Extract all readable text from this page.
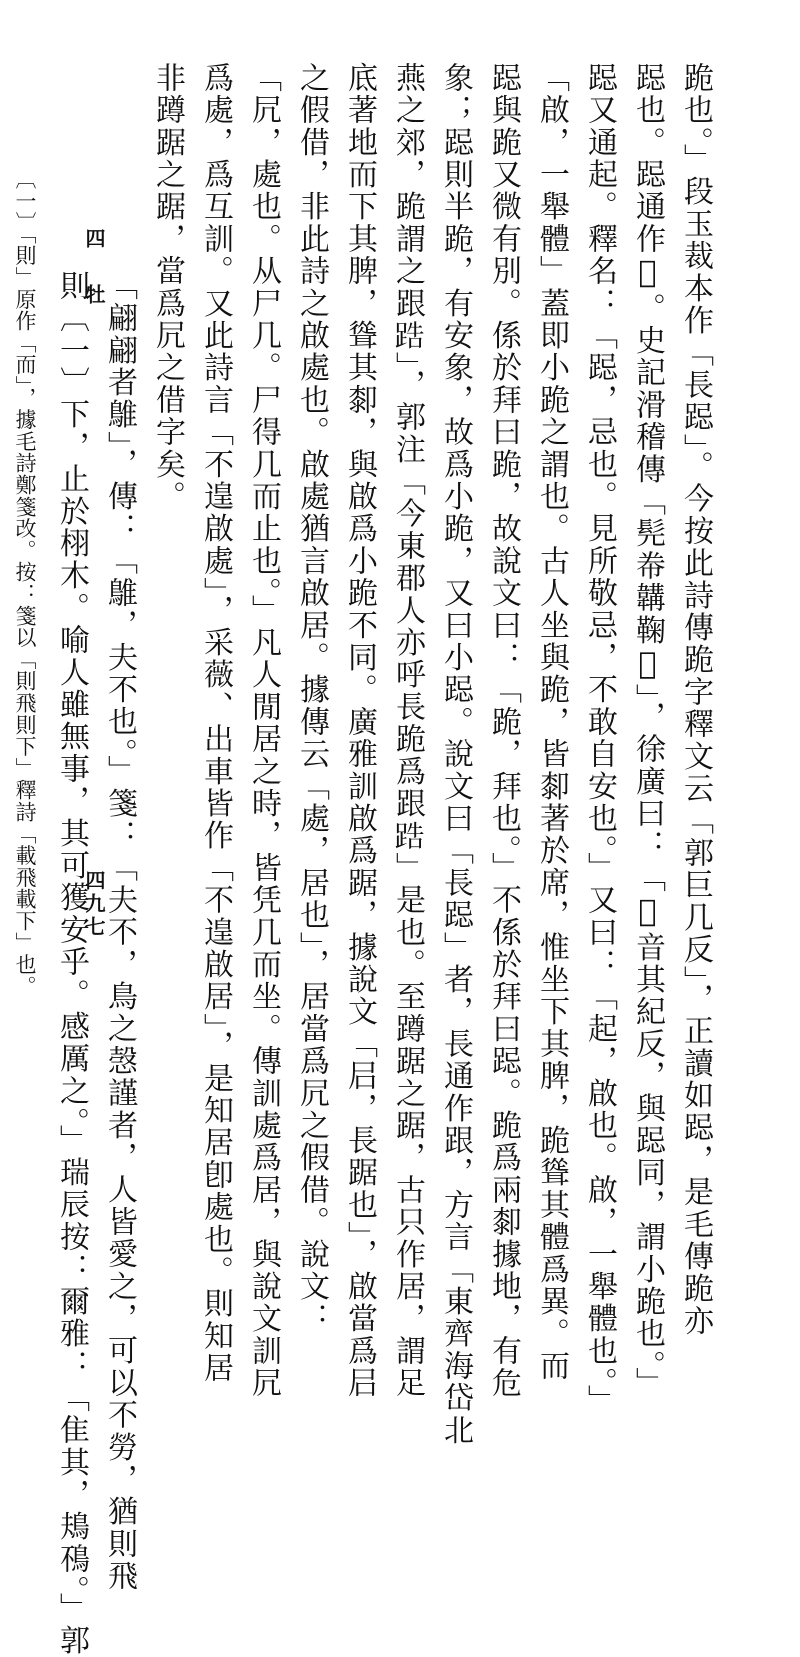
跪也。」段玉裁本作「長跽」。今按此詩傳跪字釋文云「郭巨几反」，正讀如跽，是毛傳跪亦
跽也。跽通作𨇾。史記滑稽傳「髡帣韝鞠𨇾」，徐廣曰：「𨇾音其紀反，與跽同，謂小跪也。」
跽又通起。釋名：「跽，忌也。見所敬忌，不敢自安也。」又曰：「起，啟也。啟，一舉體也。」
「啟，一舉體」蓋即小跪之謂也。古人坐與跪，皆厀著於席，惟坐下其脾，跪聳其體爲異。而
跽與跪又微有別。係於拜曰跪，故說文曰：「跪，拜也。」不係於拜曰跽。跪爲兩厀據地，有危
象；跽則半跪，有安象，故爲小跪，又曰小跽。說文曰「長跽」者，長通作跟，方言「東齊海岱北
燕之郊，跪謂之跟𨁒」，郭注「今東郡人亦呼長跪爲跟𨁒」是也。至蹲踞之踞，古只作居，謂足
底著地而下其脾，聳其厀，與啟爲小跪不同。廣雅訓啟爲踞，據說文「𡰪，長踞也」，啟當爲𡰪
之假借，非此詩之啟處也。啟處猶言啟居。據傳云「處，居也」，居當爲凥之假借。說文：
「凥，處也。从尸几。尸得几而止也。」凡人閒居之時，皆凭几而坐。傳訓處爲居，與說文訓凥
爲處，爲互訓。又此詩言「不遑啟處」，采薇、出車皆作「不遑啟居」，是知居卽處也。則知居
非蹲踞之踞，當爲凥之借字矣。
「翩翩者鵻」，傳：「鵻，夫不也。」箋：「夫不，鳥之愨謹者，人皆愛之，可以不勞，猶則飛
則〔一〕下，止於栩木。喻人雖無事，其可獲安乎。感厲之。」瑞辰按：爾雅：「隹其，鳺鴀。」郭
〔一〕「則」原作「而」，據毛詩鄭箋改。按：箋以「則飛則下」釋詩「載飛載下」也。 四 牡
四九七
